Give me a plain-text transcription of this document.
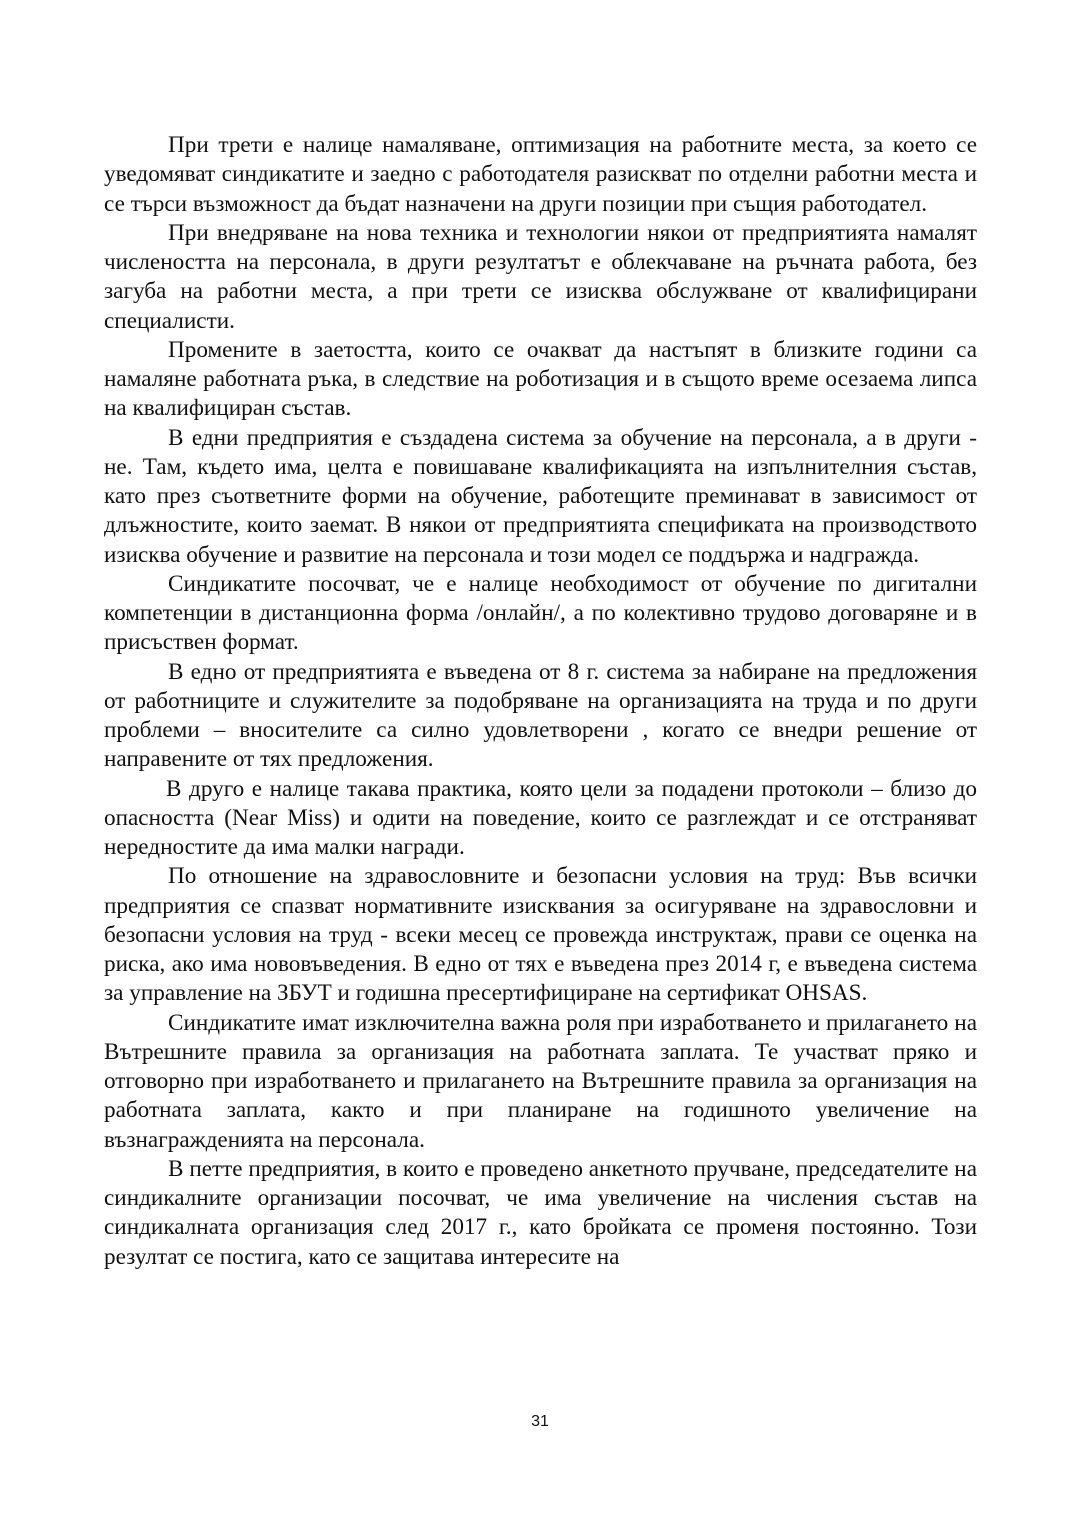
При трети е налице намаляване, оптимизация на работните места, за което се уведомяват синдикатите и заедно с работодателя разискват по отделни работни места и се търси възможност да бъдат назначени на други позиции при същия работодател.

При внедряване на нова техника и технологии някои от предприятията намалят числеността на персонала, в други резултатът е облекчаване на ръчната работа, без загуба на работни места, а при трети се изисква обслужване от квалифицирани специалисти.

Промените в заетостта, които се очакват да настъпят в близките години са намаляне работната ръка, в следствие на роботизация и в същото време осезаема липса на квалифициран състав.

В едни предприятия е създадена система за обучение на персонала, а в други - не. Там, където има, целта е повишаване квалификацията на изпълнителния състав, като през съответните форми на обучение, работещите преминават в зависимост от длъжностите, които заемат. В някои от предприятията спецификата на производството изисква обучение и развитие на персонала и този модел се поддържа и надгражда.

Синдикатите посочват, че е налице необходимост от обучение по дигитални компетенции в дистанционна форма /онлайн/, а по колективно трудово договаряне и в присъствен формат.

В едно от предприятията е въведена от 8 г. система за набиране на предложения от работниците и служителите за подобряване на организацията на труда и по други проблеми – вносителите са силно удовлетворени , когато се внедри решение от направените от тях предложения.

В друго е налице такава практика, която цели за подадени протоколи – близо до опасността (Near Miss) и одити на поведение, които се разглеждат и се отстраняват нередностите да има малки награди.

По отношение на здравословните и безопасни условия на труд: Във всички предприятия се спазват нормативните изисквания за осигуряване на здравословни и безопасни условия на труд - всеки месец се провежда инструктаж, прави се оценка на риска, ако има нововъведения. В едно от тях е въведена през 2014 г, е въведена система за управление на ЗБУТ и годишна пресертифициране на сертификат OHSAS.

Синдикатите имат изключителна важна роля при изработването и прилагането на Вътрешните правила за организация на работната заплата. Те участват пряко и отговорно при изработването и прилагането на Вътрешните правила за организация на работната заплата, както и при планиране на годишното увеличение на възнагражденията на персонала.

В петте предприятия, в които е проведено анкетното пручване, председателите на синдикалните организации посочват, че има увеличение на числения състав на синдикалната организация след 2017 г., като бройката се променя постоянно. Този резултат се постига, като се защитава интересите на

31
